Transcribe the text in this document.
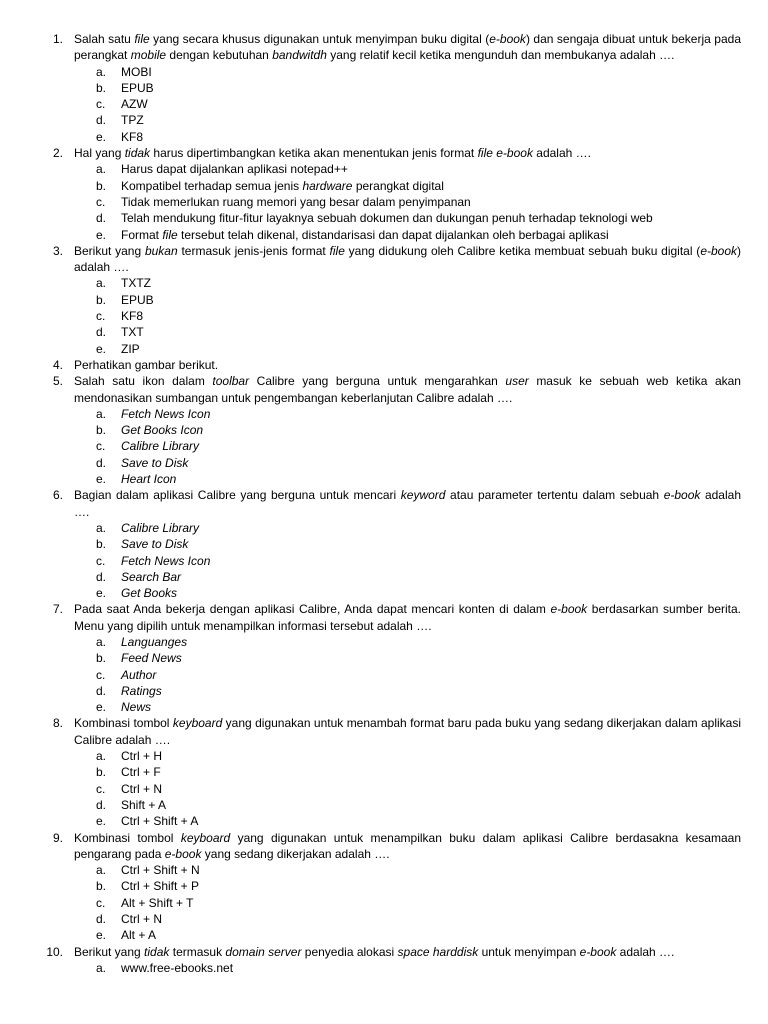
1. Salah satu file yang secara khusus digunakan untuk menyimpan buku digital (e-book) dan sengaja dibuat untuk bekerja pada perangkat mobile dengan kebutuhan bandwitdh yang relatif kecil ketika mengunduh dan membukanya adalah ….
a. MOBI
b. EPUB
c. AZW
d. TPZ
e. KF8
2. Hal yang tidak harus dipertimbangkan ketika akan menentukan jenis format file e-book adalah ….
a. Harus dapat dijalankan aplikasi notepad++
b. Kompatibel terhadap semua jenis hardware perangkat digital
c. Tidak memerlukan ruang memori yang besar dalam penyimpanan
d. Telah mendukung fitur-fitur layaknya sebuah dokumen dan dukungan penuh terhadap teknologi web
e. Format file tersebut telah dikenal, distandarisasi dan dapat dijalankan oleh berbagai aplikasi
3. Berikut yang bukan termasuk jenis-jenis format file yang didukung oleh Calibre ketika membuat sebuah buku digital (e-book) adalah ….
a. TXTZ
b. EPUB
c. KF8
d. TXT
e. ZIP
4. Perhatikan gambar berikut.
5. Salah satu ikon dalam toolbar Calibre yang berguna untuk mengarahkan user masuk ke sebuah web ketika akan mendonasikan sumbangan untuk pengembangan keberlanjutan Calibre adalah ….
a. Fetch News Icon
b. Get Books Icon
c. Calibre Library
d. Save to Disk
e. Heart Icon
6. Bagian dalam aplikasi Calibre yang berguna untuk mencari keyword atau parameter tertentu dalam sebuah e-book adalah ….
a. Calibre Library
b. Save to Disk
c. Fetch News Icon
d. Search Bar
e. Get Books
7. Pada saat Anda bekerja dengan aplikasi Calibre, Anda dapat mencari konten di dalam e-book berdasarkan sumber berita. Menu yang dipilih untuk menampilkan informasi tersebut adalah ….
a. Languanges
b. Feed News
c. Author
d. Ratings
e. News
8. Kombinasi tombol keyboard yang digunakan untuk menambah format baru pada buku yang sedang dikerjakan dalam aplikasi Calibre adalah ….
a. Ctrl + H
b. Ctrl + F
c. Ctrl + N
d. Shift + A
e. Ctrl + Shift + A
9. Kombinasi tombol keyboard yang digunakan untuk menampilkan buku dalam aplikasi Calibre berdasakna kesamaan pengarang pada e-book yang sedang dikerjakan adalah ….
a. Ctrl + Shift + N
b. Ctrl + Shift + P
c. Alt + Shift + T
d. Ctrl + N
e. Alt + A
10. Berikut yang tidak termasuk domain server penyedia alokasi space harddisk untuk menyimpan e-book adalah ….
a. www.free-ebooks.net
